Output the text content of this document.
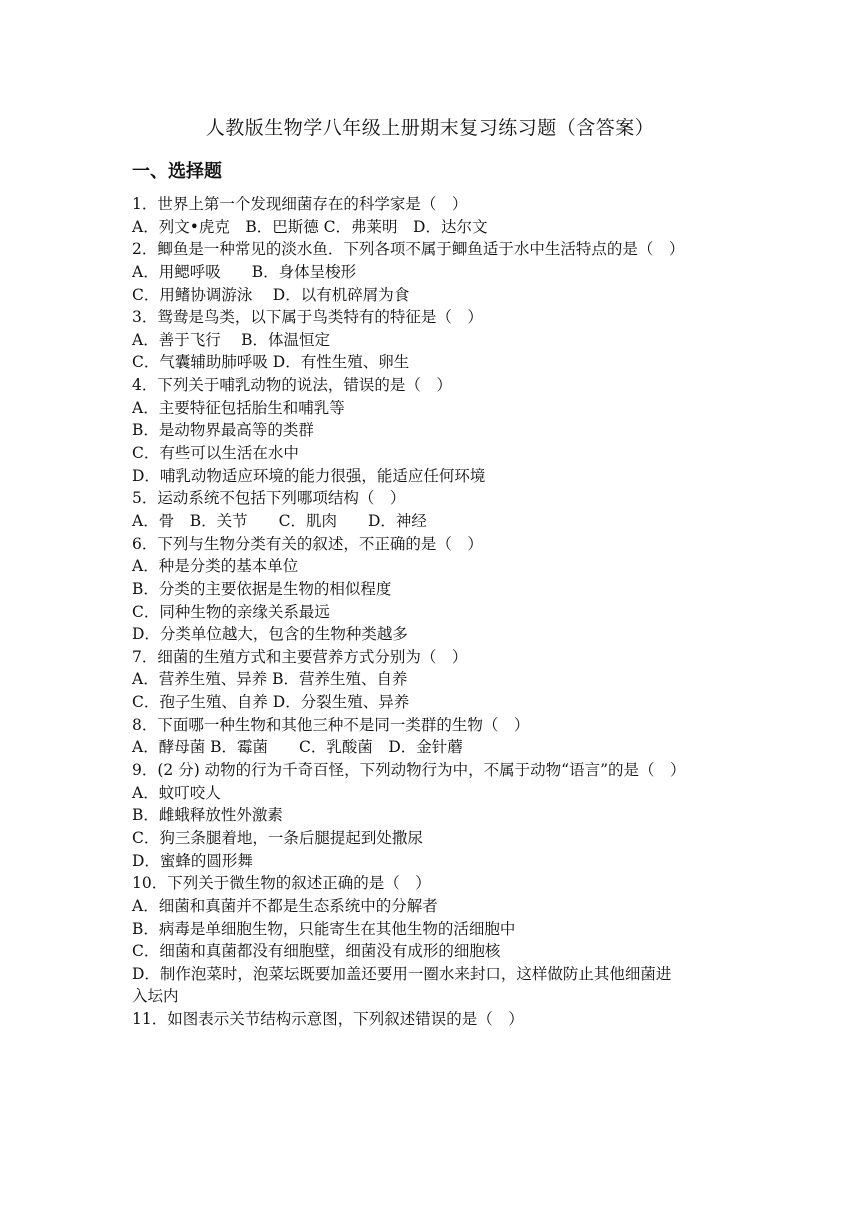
人教版生物学八年级上册期末复习练习题（含答案）
一、选择题
1．世界上第一个发现细菌存在的科学家是（　）
A．列文•虎克　B．巴斯德 C．弗莱明　D．达尔文
2．鲫鱼是一种常见的淡水鱼．下列各项不属于鲫鱼适于水中生活特点的是（　）
A．用鳃呼吸　　B．身体呈梭形
C．用鳍协调游泳　 D．以有机碎屑为食
3．鸳鸯是鸟类，以下属于鸟类特有的特征是（　）
A．善于飞行　 B．体温恒定
C．气囊辅助肺呼吸 D．有性生殖、卵生
4．下列关于哺乳动物的说法，错误的是（　）
A．主要特征包括胎生和哺乳等
B．是动物界最高等的类群
C．有些可以生活在水中
D．哺乳动物适应环境的能力很强，能适应任何环境
5．运动系统不包括下列哪项结构（　）
A．骨　B．关节　　C．肌肉　　D．神经
6．下列与生物分类有关的叙述，不正确的是（　）
A．种是分类的基本单位
B．分类的主要依据是生物的相似程度
C．同种生物的亲缘关系最远
D．分类单位越大，包含的生物种类越多
7．细菌的生殖方式和主要营养方式分别为（　）
A．营养生殖、异养 B．营养生殖、自养
C．孢子生殖、自养 D．分裂生殖、异养
8．下面哪一种生物和其他三种不是同一类群的生物（　）
A．酵母菌 B．霉菌　　C．乳酸菌　D．金针蘑
9．(2 分) 动物的行为千奇百怪，下列动物行为中，不属于动物“语言”的是（　）
A．蚊叮咬人
B．雌蛾释放性外激素
C．狗三条腿着地，一条后腿提起到处撒尿
D．蜜蜂的圆形舞
10．下列关于微生物的叙述正确的是（　）
A．细菌和真菌并不都是生态系统中的分解者
B．病毒是单细胞生物，只能寄生在其他生物的活细胞中
C．细菌和真菌都没有细胞壁，细菌没有成形的细胞核
D．制作泡菜时，泡菜坛既要加盖还要用一圈水来封口，这样做防止其他细菌进
入坛内
11．如图表示关节结构示意图，下列叙述错误的是（　）
